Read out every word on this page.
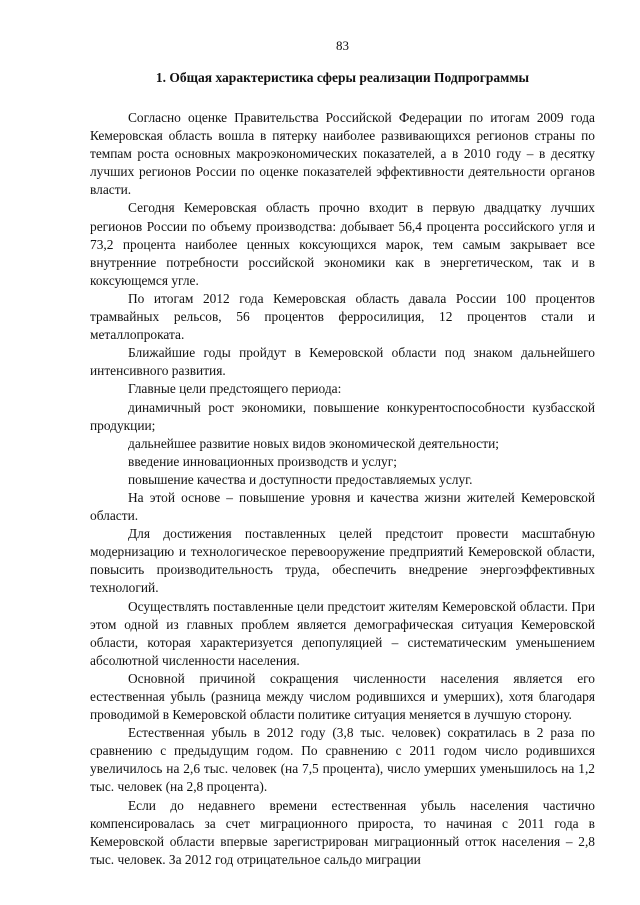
83
1. Общая характеристика сферы реализации Подпрограммы

Согласно оценке Правительства Российской Федерации по итогам 2009 года Кемеровская область вошла в пятерку наиболее развивающихся регионов страны по темпам роста основных макроэкономических показателей, а в 2010 году – в десятку лучших регионов России по оценке показателей эффективности деятельности органов власти.

Сегодня Кемеровская область прочно входит в первую двадцатку лучших регионов России по объему производства: добывает 56,4 процента российского угля и 73,2 процента наиболее ценных коксующихся марок, тем самым закрывает все внутренние потребности российской экономики как в энергетическом, так и в коксующемся угле.

По итогам 2012 года Кемеровская область давала России 100 процентов трамвайных рельсов, 56 процентов ферросилиция, 12 процентов стали и металлопроката.

Ближайшие годы пройдут в Кемеровской области под знаком дальнейшего интенсивного развития.

Главные цели предстоящего периода:

динамичный рост экономики, повышение конкурентоспособности кузбасской продукции;

дальнейшее развитие новых видов экономической деятельности;

введение инновационных производств и услуг;

повышение качества и доступности предоставляемых услуг.

На этой основе – повышение уровня и качества жизни жителей Кемеровской области.

Для достижения поставленных целей предстоит провести масштабную модернизацию и технологическое перевооружение предприятий Кемеровской области, повысить производительность труда, обеспечить внедрение энергоэффективных технологий.

Осуществлять поставленные цели предстоит жителям Кемеровской области. При этом одной из главных проблем является демографическая ситуация Кемеровской области, которая характеризуется депопуляцией – систематическим уменьшением абсолютной численности населения.

Основной причиной сокращения численности населения является его естественная убыль (разница между числом родившихся и умерших), хотя благодаря проводимой в Кемеровской области политике ситуация меняется в лучшую сторону.

Естественная убыль в 2012 году (3,8 тыс. человек) сократилась в 2 раза по сравнению с предыдущим годом. По сравнению с 2011 годом число родившихся увеличилось на 2,6 тыс. человек (на 7,5 процента), число умерших уменьшилось на 1,2 тыс. человек (на 2,8 процента).

Если до недавнего времени естественная убыль населения частично компенсировалась за счет миграционного прироста, то начиная с 2011 года в Кемеровской области впервые зарегистрирован миграционный отток населения – 2,8 тыс. человек. За 2012 год отрицательное сальдо миграции
